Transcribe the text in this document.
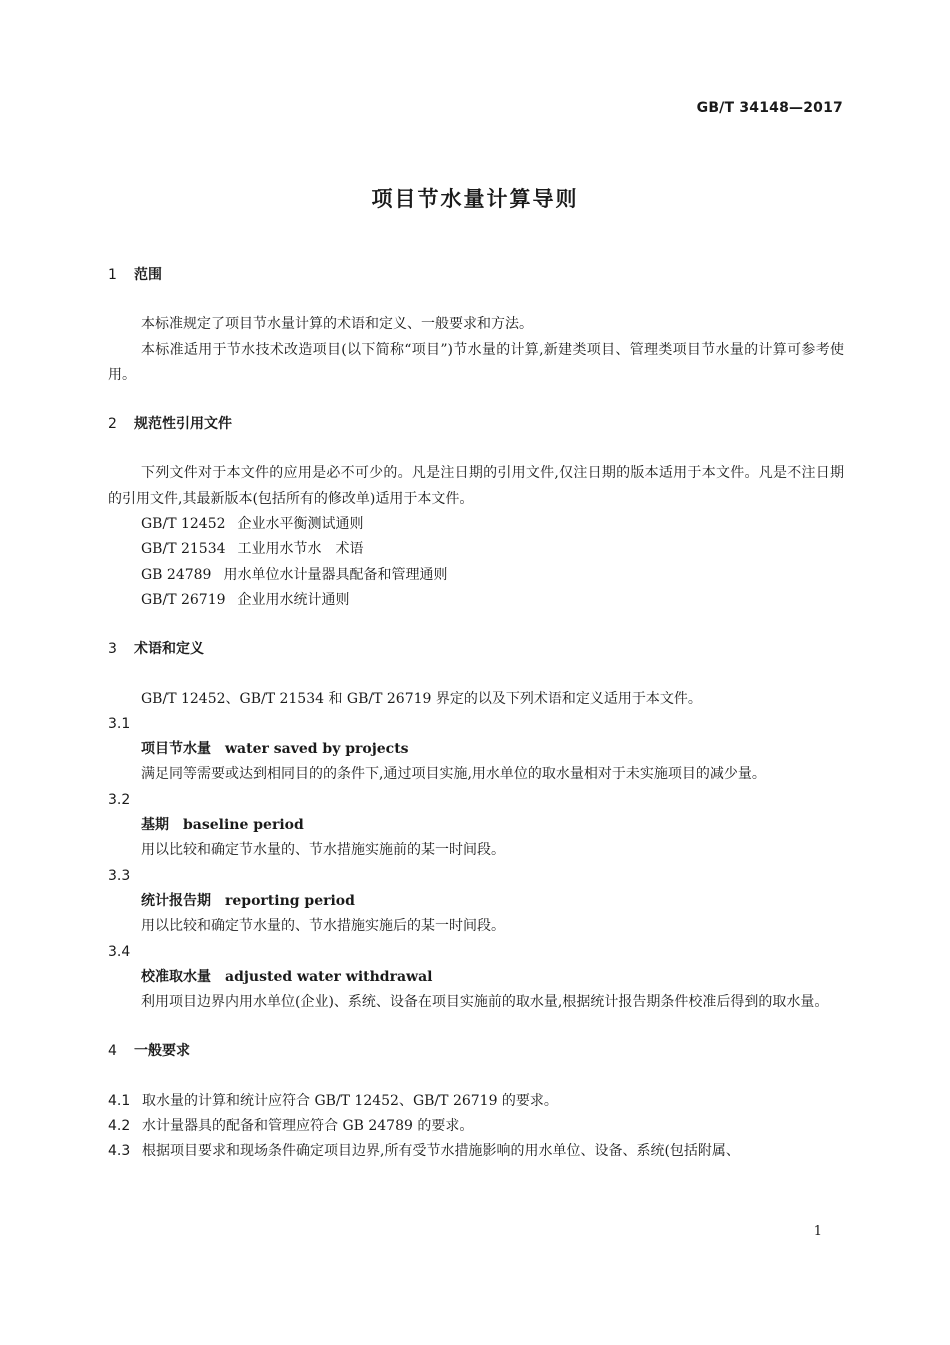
GB/T 34148—2017
项目节水量计算导则
1 范围

本标准规定了项目节水量计算的术语和定义、一般要求和方法。

本标准适用于节水技术改造项目(以下简称“项目”)节水量的计算,新建类项目、管理类项目节水量的计算可参考使用。

2 规范性引用文件

下列文件对于本文件的应用是必不可少的。凡是注日期的引用文件,仅注日期的版本适用于本文件。凡是不注日期的引用文件,其最新版本(包括所有的修改单)适用于本文件。

GB/T 12452 企业水平衡测试通则
GB/T 21534 工业用水节水　术语
GB 24789 用水单位水计量器具配备和管理通则
GB/T 26719 企业用水统计通则
3 术语和定义

GB/T 12452、GB/T 21534 和 GB/T 26719 界定的以及下列术语和定义适用于本文件。

3.1
项目节水量 water saved by projects

满足同等需要或达到相同目的的条件下,通过项目实施,用水单位的取水量相对于未实施项目的减少量。

3.2
基期 baseline period

用以比较和确定节水量的、节水措施实施前的某一时间段。

3.3
统计报告期 reporting period

用以比较和确定节水量的、节水措施实施后的某一时间段。

3.4
校准取水量 adjusted water withdrawal

利用项目边界内用水单位(企业)、系统、设备在项目实施前的取水量,根据统计报告期条件校准后得到的取水量。

4 一般要求
4.1 取水量的计算和统计应符合 GB/T 12452、GB/T 26719 的要求。
4.2 水计量器具的配备和管理应符合 GB 24789 的要求。
4.3 根据项目要求和现场条件确定项目边界,所有受节水措施影响的用水单位、设备、系统(包括附属、
1
